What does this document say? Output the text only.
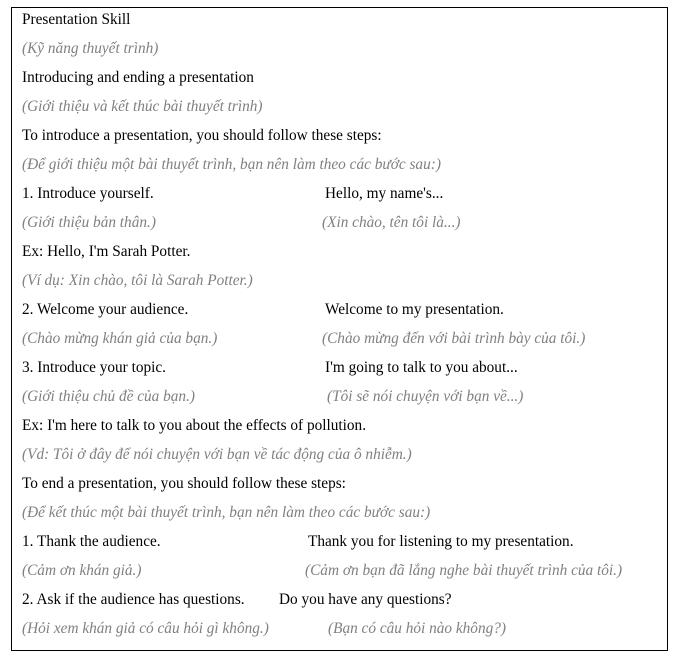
Presentation Skill
(Kỹ năng thuyết trình)
Introducing and ending a presentation
(Giới thiệu và kết thúc bài thuyết trình)
To introduce a presentation, you should follow these steps:
(Để giới thiệu một bài thuyết trình, bạn nên làm theo các bước sau:)
1. Introduce yourself.	Hello, my name's...
(Giới thiệu bản thân.)	(Xin chào, tên tôi là...)
Ex: Hello, I'm Sarah Potter.
(Ví dụ: Xin chào, tôi là Sarah Potter.)
2. Welcome your audience.	Welcome to my presentation.
(Chào mừng khán giả của bạn.)	(Chào mừng đến với bài trình bày của tôi.)
3. Introduce your topic.	I'm going to talk to you about...
(Giới thiệu chủ đề của bạn.)	(Tôi sẽ nói chuyện với bạn về...)
Ex: I'm here to talk to you about the effects of pollution.
(Vd: Tôi ở đây để nói chuyện với bạn về tác động của ô nhiễm.)
To end a presentation, you should follow these steps:
(Để kết thúc một bài thuyết trình, bạn nên làm theo các bước sau:)
1. Thank the audience.	Thank you for listening to my presentation.
(Cảm ơn khán giả.)	(Cảm ơn bạn đã lắng nghe bài thuyết trình của tôi.)
2. Ask if the audience has questions. Do you have any questions?
(Hỏi xem khán giả có câu hỏi gì không.)	(Bạn có câu hỏi nào không?)
